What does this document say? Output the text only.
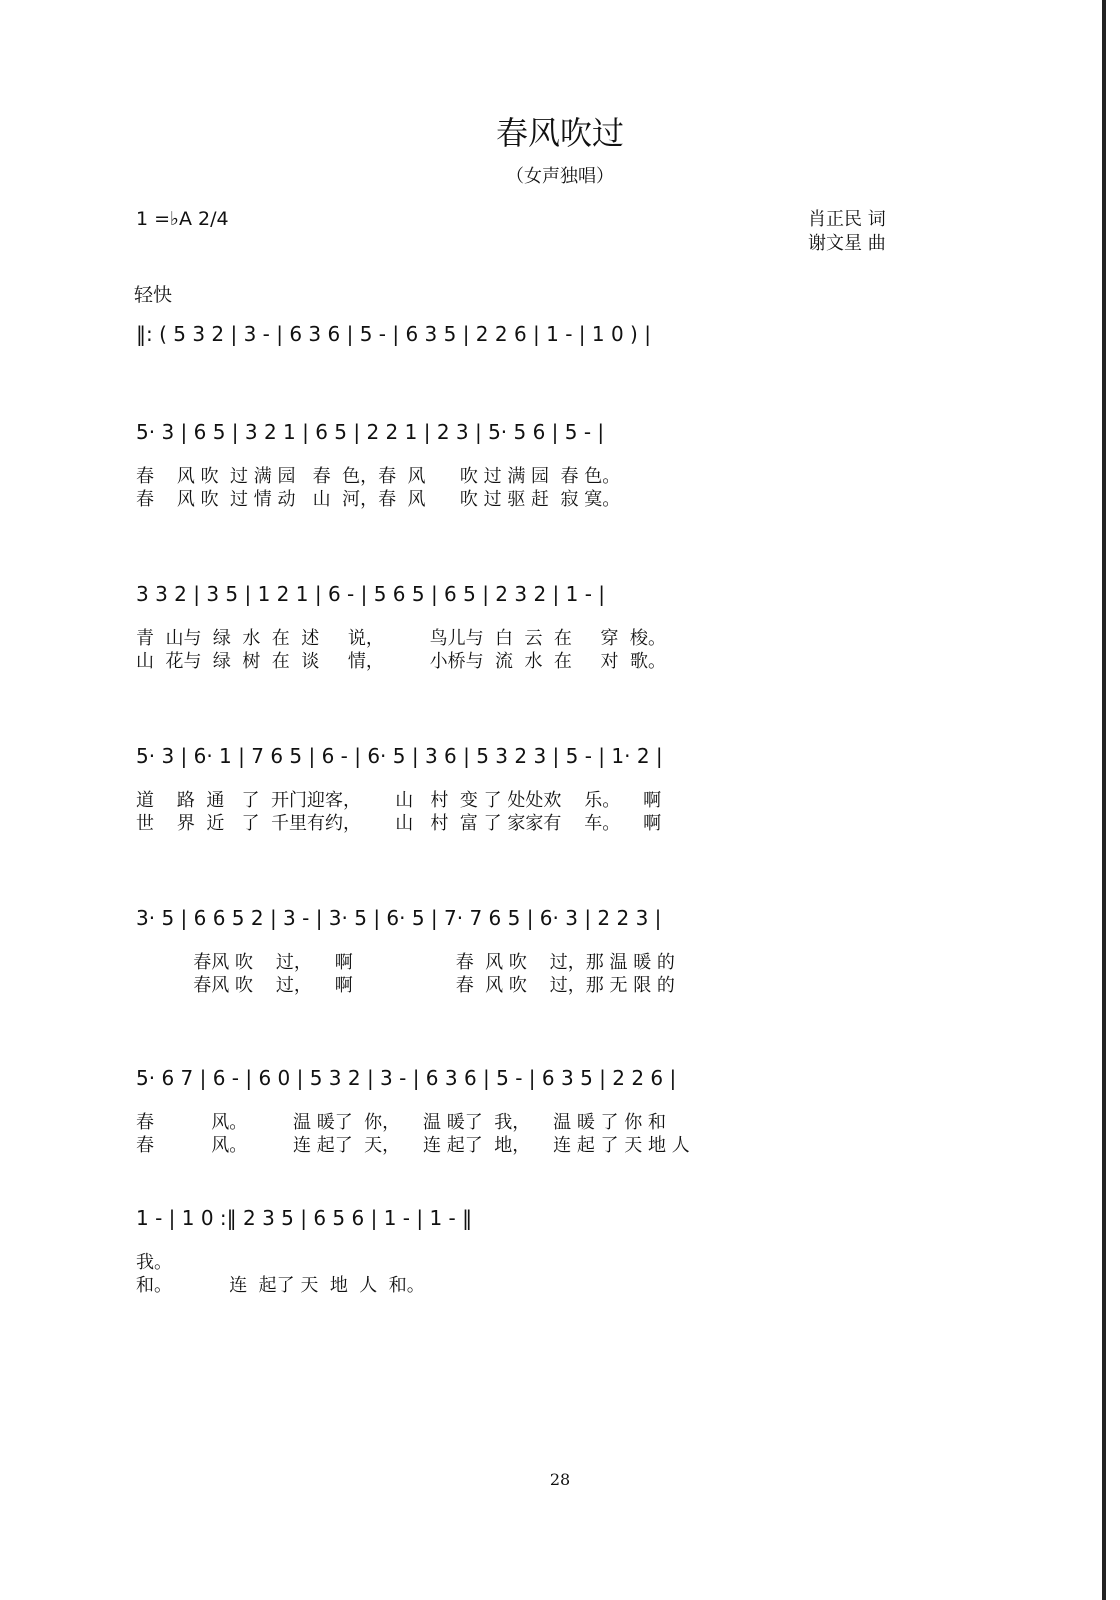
春风吹过
（女声独唱）
1 =♭A 2/4	肖正民 词
谢文星 曲
轻快
‖: ( 5 3 2 | 3 - | 6 3 6 | 5 - | 6 3 5 | 2 2 6 | 1 - | 1 0 ) |
5· 3 | 6 5 | 3 2 1 | 6 5 | 2 2 1 | 2 3 | 5· 5 6 | 5 - |
春    风 吹  过 满 园   春  色，春  风      吹 过 满 园  春 色。
春    风 吹  过 情 动   山  河，春  风      吹 过 驱 赶  寂 寞。
3 3 2 | 3 5 | 1 2 1 | 6 - | 5 6 5 | 6 5 | 2 3 2 | 1 - |
青  山与  绿  水  在  述     说，        鸟儿与  白  云  在     穿  梭。
山  花与  绿  树  在  谈     情，        小桥与  流  水  在     对  歌。
5· 3 | 6· 1 | 7 6 5 | 6 - | 6· 5 | 3 6 | 5 3 2 3 | 5 - | 1· 2 |
道    路  通   了  开门迎客，      山   村  变 了 处处欢    乐。    啊
世    界  近   了  千里有约，      山   村  富 了 家家有    车。    啊
3· 5 | 6 6 5 2 | 3 - | 3· 5 | 6· 5 | 7· 7 6 5 | 6· 3 | 2 2 3 |
春风 吹    过，    啊                  春  风 吹    过，那 温 暖 的
春风 吹    过，    啊                  春  风 吹    过，那 无 限 的
5· 6 7 | 6 - | 6 0 | 5 3 2 | 3 - | 6 3 6 | 5 - | 6 3 5 | 2 2 6 |
春          风。        温 暖了  你，    温 暖了  我，    温 暖 了 你 和
春          风。        连 起了  天，    连 起了  地，    连 起 了 天 地 人
1 - | 1 0 :‖ 2 3 5 | 6 5 6 | 1 - | 1 - ‖
我。
和。          连  起了 天  地  人  和。
28
